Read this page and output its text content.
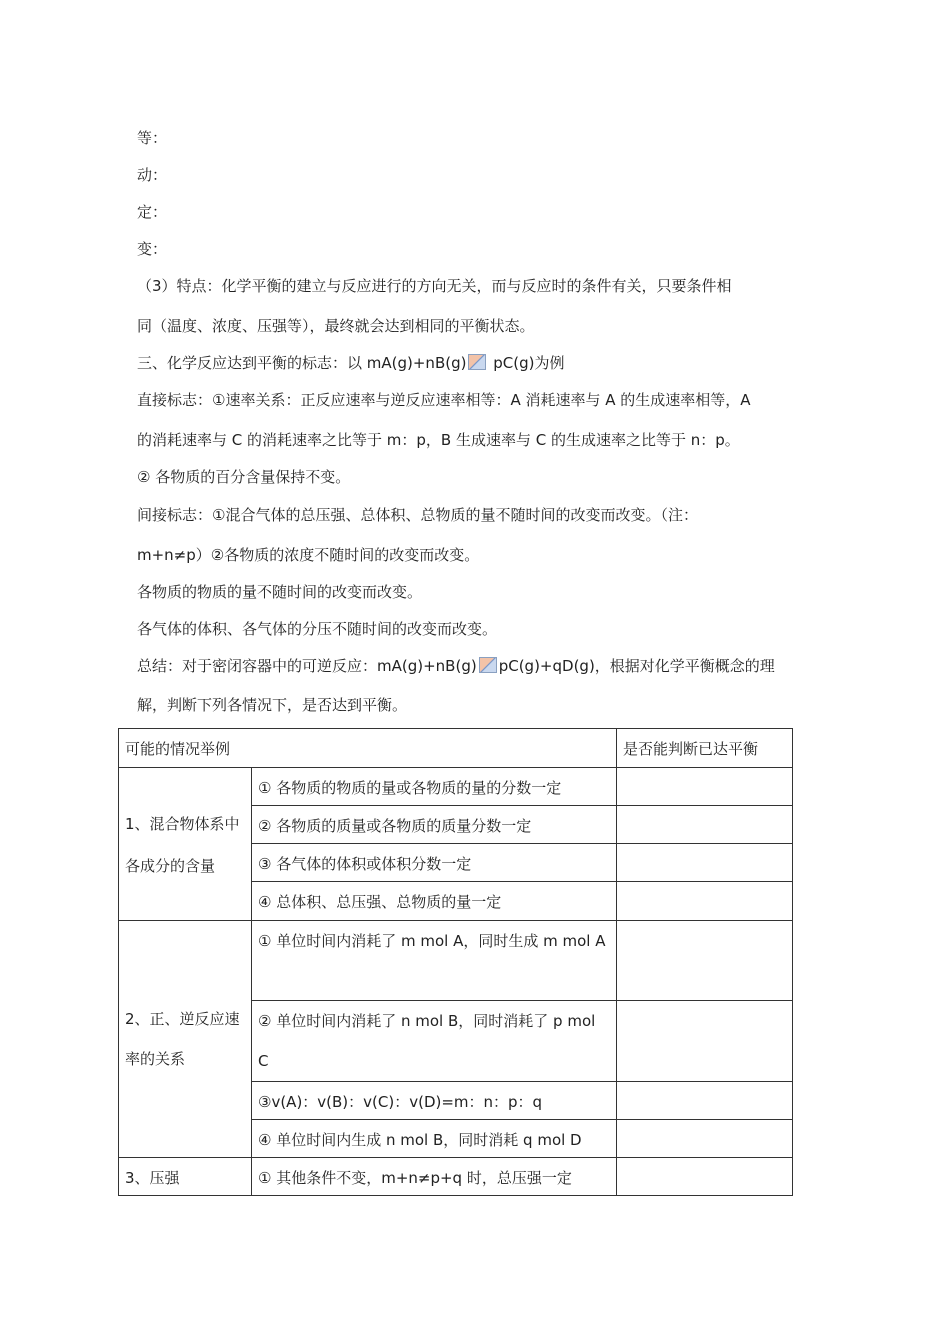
等：
动：
定：
变：
（3）特点：化学平衡的建立与反应进行的方向无关，而与反应时的条件有关，只要条件相
同（温度、浓度、压强等），最终就会达到相同的平衡状态。
三、化学反应达到平衡的标志：以 mA(g)+nB(g) pC(g)为例
直接标志：①速率关系：正反应速率与逆反应速率相等：A 消耗速率与 A 的生成速率相等，A
的消耗速率与 C 的消耗速率之比等于 m：p，B 生成速率与 C 的生成速率之比等于 n：p。
② 各物质的百分含量保持不变。
间接标志：①混合气体的总压强、总体积、总物质的量不随时间的改变而改变。（注：
m+n≠p）②各物质的浓度不随时间的改变而改变。
各物质的物质的量不随时间的改变而改变。
各气体的体积、各气体的分压不随时间的改变而改变。
总结：对于密闭容器中的可逆反应：mA(g)+nB(g) pC(g)+qD(g)，根据对化学平衡概念的理
解，判断下列各情况下，是否达到平衡。
可能的情况举例		是否能判断已达平衡
1、混合物体系中各成分的含量	① 各物质的物质的量或各物质的量的分数一定	
	② 各物质的质量或各物质的质量分数一定	
	③ 各气体的体积或体积分数一定	
	④ 总体积、总压强、总物质的量一定	
2、正、逆反应速率的关系	① 单位时间内消耗了 m mol A，同时生成 m mol A	
	② 单位时间内消耗了 n mol B，同时消耗了 p mol C	
	③v(A)：v(B)：v(C)：v(D)=m：n：p：q	
	④ 单位时间内生成 n mol B，同时消耗 q mol D	
3、压强	① 其他条件不变，m+n≠p+q 时，总压强一定	
